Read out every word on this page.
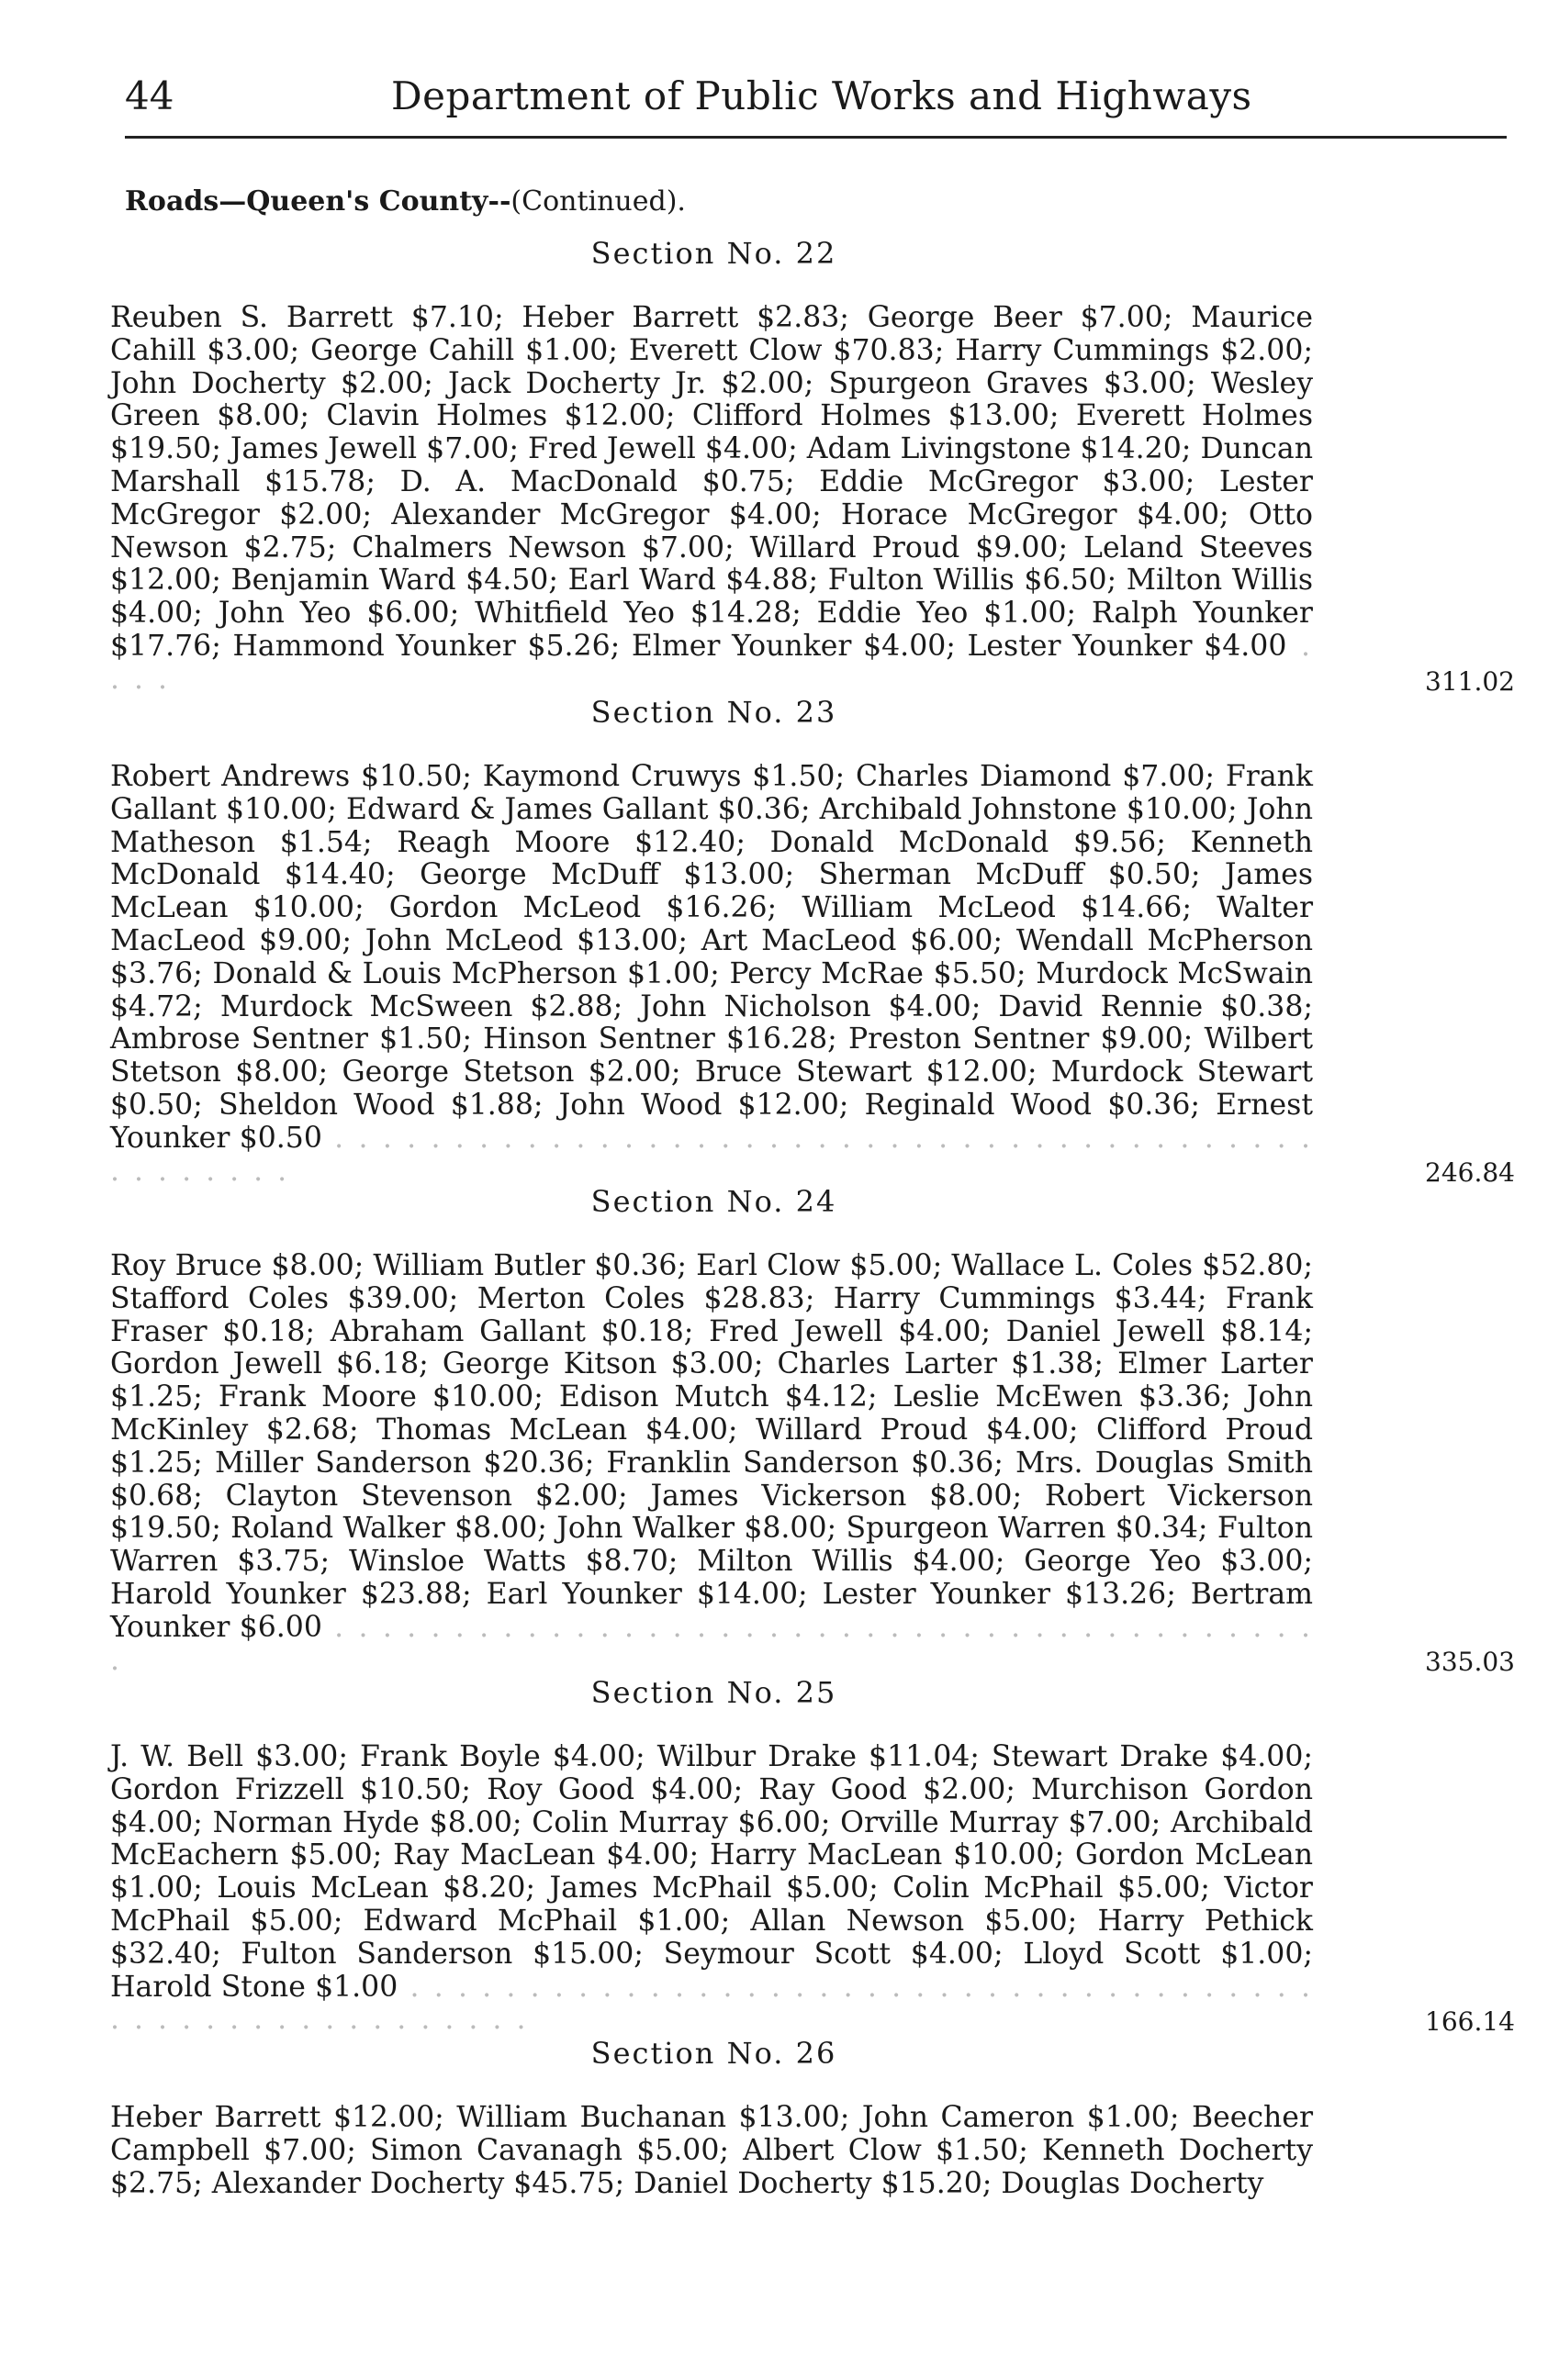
44	Department of Public Works and Highways
Roads—Queen's County--(Continued).
Section No. 22

Reuben S. Barrett $7.10; Heber Barrett $2.83; George Beer $7.00; Maurice Cahill $3.00; George Cahill $1.00; Everett Clow $70.83; Harry Cummings $2.00; John Docherty $2.00; Jack Docherty Jr. $2.00; Spurgeon Graves $3.00; Wesley Green $8.00; Clavin Holmes $12.00; Clifford Holmes $13.00; Everett Holmes $19.50; James Jewell $7.00; Fred Jewell $4.00; Adam Livingstone $14.20; Duncan Marshall $15.78; D. A. MacDonald $0.75; Eddie McGregor $3.00; Lester McGregor $2.00; Alexander McGregor $4.00; Horace McGregor $4.00; Otto Newson $2.75; Chalmers Newson $7.00; Willard Proud $9.00; Leland Steeves $12.00; Benjamin Ward $4.50; Earl Ward $4.88; Fulton Willis $6.50; Milton Willis $4.00; John Yeo $6.00; Whitfield Yeo $14.28; Eddie Yeo $1.00; Ralph Younker $17.76; Hammond Younker $5.26; Elmer Younker $4.00; Lester Younker $4.00 . . . .	311.02
Section No. 23

Robert Andrews $10.50; Kaymond Cruwys $1.50; Charles Diamond $7.00; Frank Gallant $10.00; Edward & James Gallant $0.36; Archibald Johnstone $10.00; John Matheson $1.54; Reagh Moore $12.40; Donald McDonald $9.56; Kenneth McDonald $14.40; George McDuff $13.00; Sherman McDuff $0.50; James McLean $10.00; Gordon McLeod $16.26; William McLeod $14.66; Walter MacLeod $9.00; John McLeod $13.00; Art MacLeod $6.00; Wendall McPherson $3.76; Donald & Louis McPherson $1.00; Percy McRae $5.50; Murdock McSwain $4.72; Murdock McSween $2.88; John Nicholson $4.00; David Rennie $0.38; Ambrose Sentner $1.50; Hinson Sentner $16.28; Preston Sentner $9.00; Wilbert Stetson $8.00; George Stetson $2.00; Bruce Stewart $12.00; Murdock Stewart $0.50; Sheldon Wood $1.88; John Wood $12.00; Reginald Wood $0.36; Ernest Younker $0.50 . . . . . . . . . . . . . . . . . . . . . . . . . . . . . . . . . . . . . . . . . . . . . . . . .	246.84
Section No. 24

Roy Bruce $8.00; William Butler $0.36; Earl Clow $5.00; Wallace L. Coles $52.80; Stafford Coles $39.00; Merton Coles $28.83; Harry Cummings $3.44; Frank Fraser $0.18; Abraham Gallant $0.18; Fred Jewell $4.00; Daniel Jewell $8.14; Gordon Jewell $6.18; George Kitson $3.00; Charles Larter $1.38; Elmer Larter $1.25; Frank Moore $10.00; Edison Mutch $4.12; Leslie McEwen $3.36; John McKinley $2.68; Thomas McLean $4.00; Willard Proud $4.00; Clifford Proud $1.25; Miller Sanderson $20.36; Franklin Sanderson $0.36; Mrs. Douglas Smith $0.68; Clayton Stevenson $2.00; James Vickerson $8.00; Robert Vickerson $19.50; Roland Walker $8.00; John Walker $8.00; Spurgeon Warren $0.34; Fulton Warren $3.75; Winsloe Watts $8.70; Milton Willis $4.00; George Yeo $3.00; Harold Younker $23.88; Earl Younker $14.00; Lester Younker $13.26; Bertram Younker $6.00 . . . . . . . . . . . . . . . . . . . . . . . . . . . . . . . . . . . . . . . . . .	335.03
Section No. 25

J. W. Bell $3.00; Frank Boyle $4.00; Wilbur Drake $11.04; Stewart Drake $4.00; Gordon Frizzell $10.50; Roy Good $4.00; Ray Good $2.00; Murchison Gordon $4.00; Norman Hyde $8.00; Colin Murray $6.00; Orville Murray $7.00; Archibald McEachern $5.00; Ray MacLean $4.00; Harry MacLean $10.00; Gordon McLean $1.00; Louis McLean $8.20; James McPhail $5.00; Colin McPhail $5.00; Victor McPhail $5.00; Edward McPhail $1.00; Allan Newson $5.00; Harry Pethick $32.40; Fulton Sanderson $15.00; Seymour Scott $4.00; Lloyd Scott $1.00; Harold Stone $1.00 . . . . . . . . . . . . . . . . . . . . . . . . . . . . . . . . . . . . . . . . . . . . . . . . . . . . . . . .	166.14
Section No. 26

Heber Barrett $12.00; William Buchanan $13.00; John Cameron $1.00; Beecher Campbell $7.00; Simon Cavanagh $5.00; Albert Clow $1.50; Kenneth Docherty $2.75; Alexander Docherty $45.75; Daniel Docherty $15.20; Douglas Docherty
